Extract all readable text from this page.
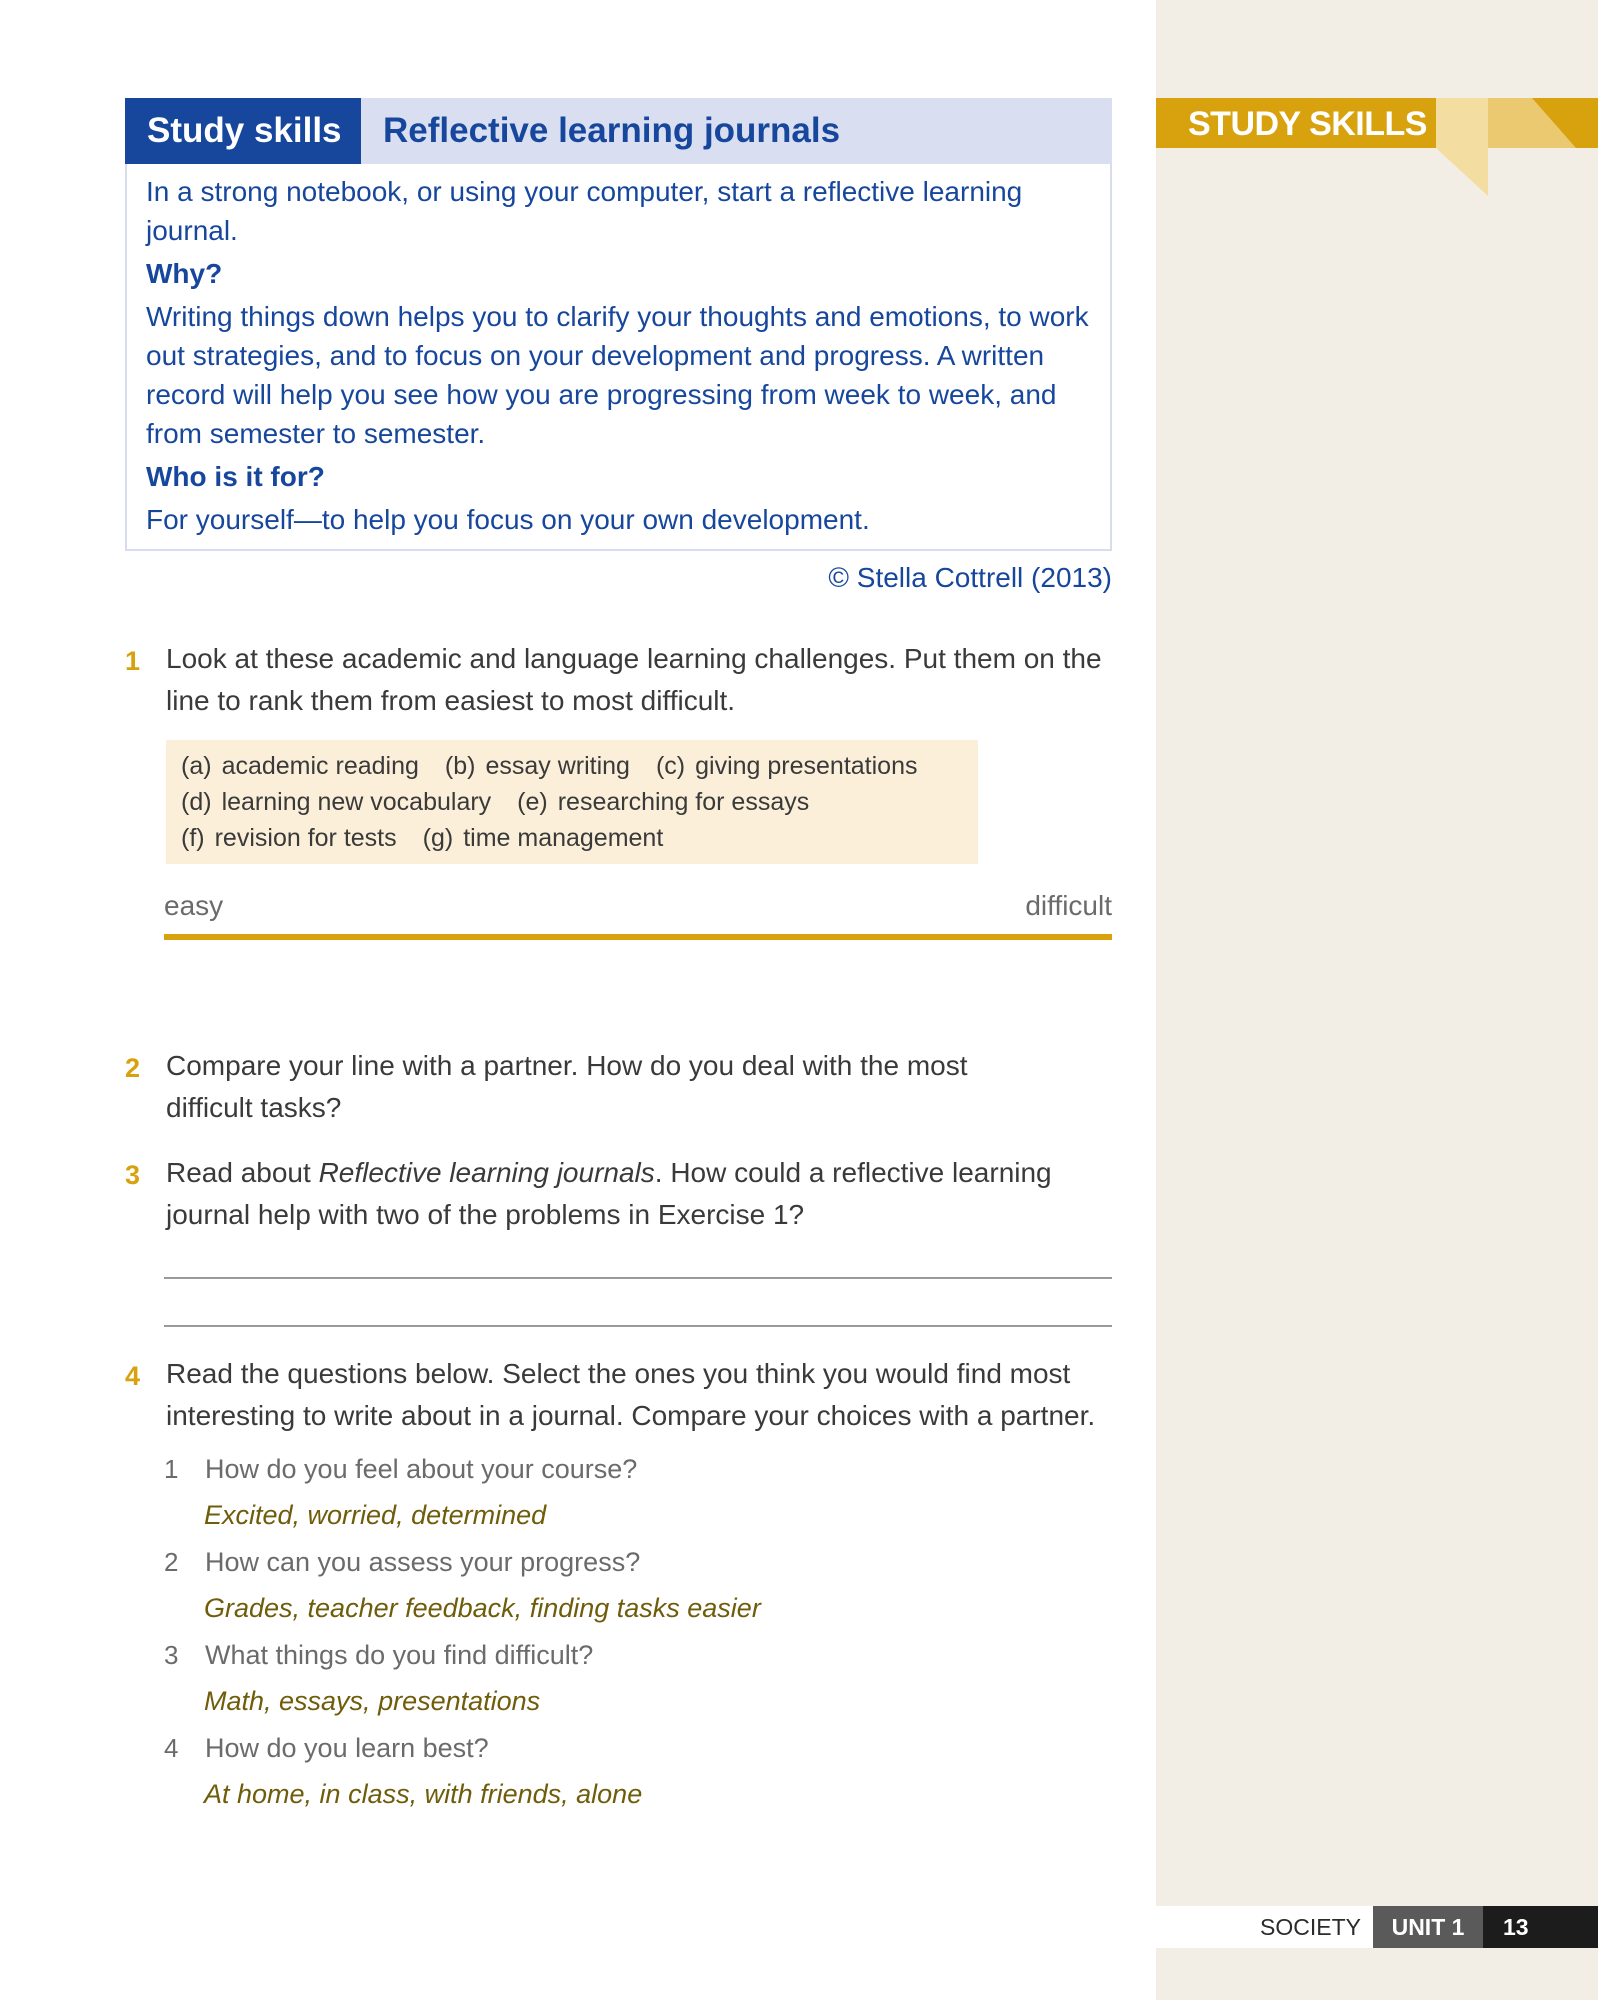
STUDY SKILLS
Study skills	Reflective learning journals

In a strong notebook, or using your computer, start a reflective learning journal.

Why?

Writing things down helps you to clarify your thoughts and emotions, to work out strategies, and to focus on your development and progress. A written record will help you see how you are progressing from week to week, and from semester to semester.

Who is it for?

For yourself—to help you focus on your own development.

© Stella Cottrell (2013)
1 Look at these academic and language learning challenges. Put them on the line to rank them from easiest to most difficult.
(a) academic reading (b) essay writing (c) giving presentations
(d) learning new vocabulary (e) researching for essays
(f) revision for tests (g) time management
easy	difficult
2 Compare your line with a partner. How do you deal with the most difficult tasks?
3 Read about Reflective learning journals. How could a reflective learning journal help with two of the problems in Exercise 1?
4 Read the questions below. Select the ones you think you would find most interesting to write about in a journal. Compare your choices with a partner.
1 How do you feel about your course?
Excited, worried, determined
2 How can you assess your progress?
Grades, teacher feedback, finding tasks easier
3 What things do you find difficult?
Math, essays, presentations
4 How do you learn best?
At home, in class, with friends, alone
SOCIETY	UNIT 1	13
